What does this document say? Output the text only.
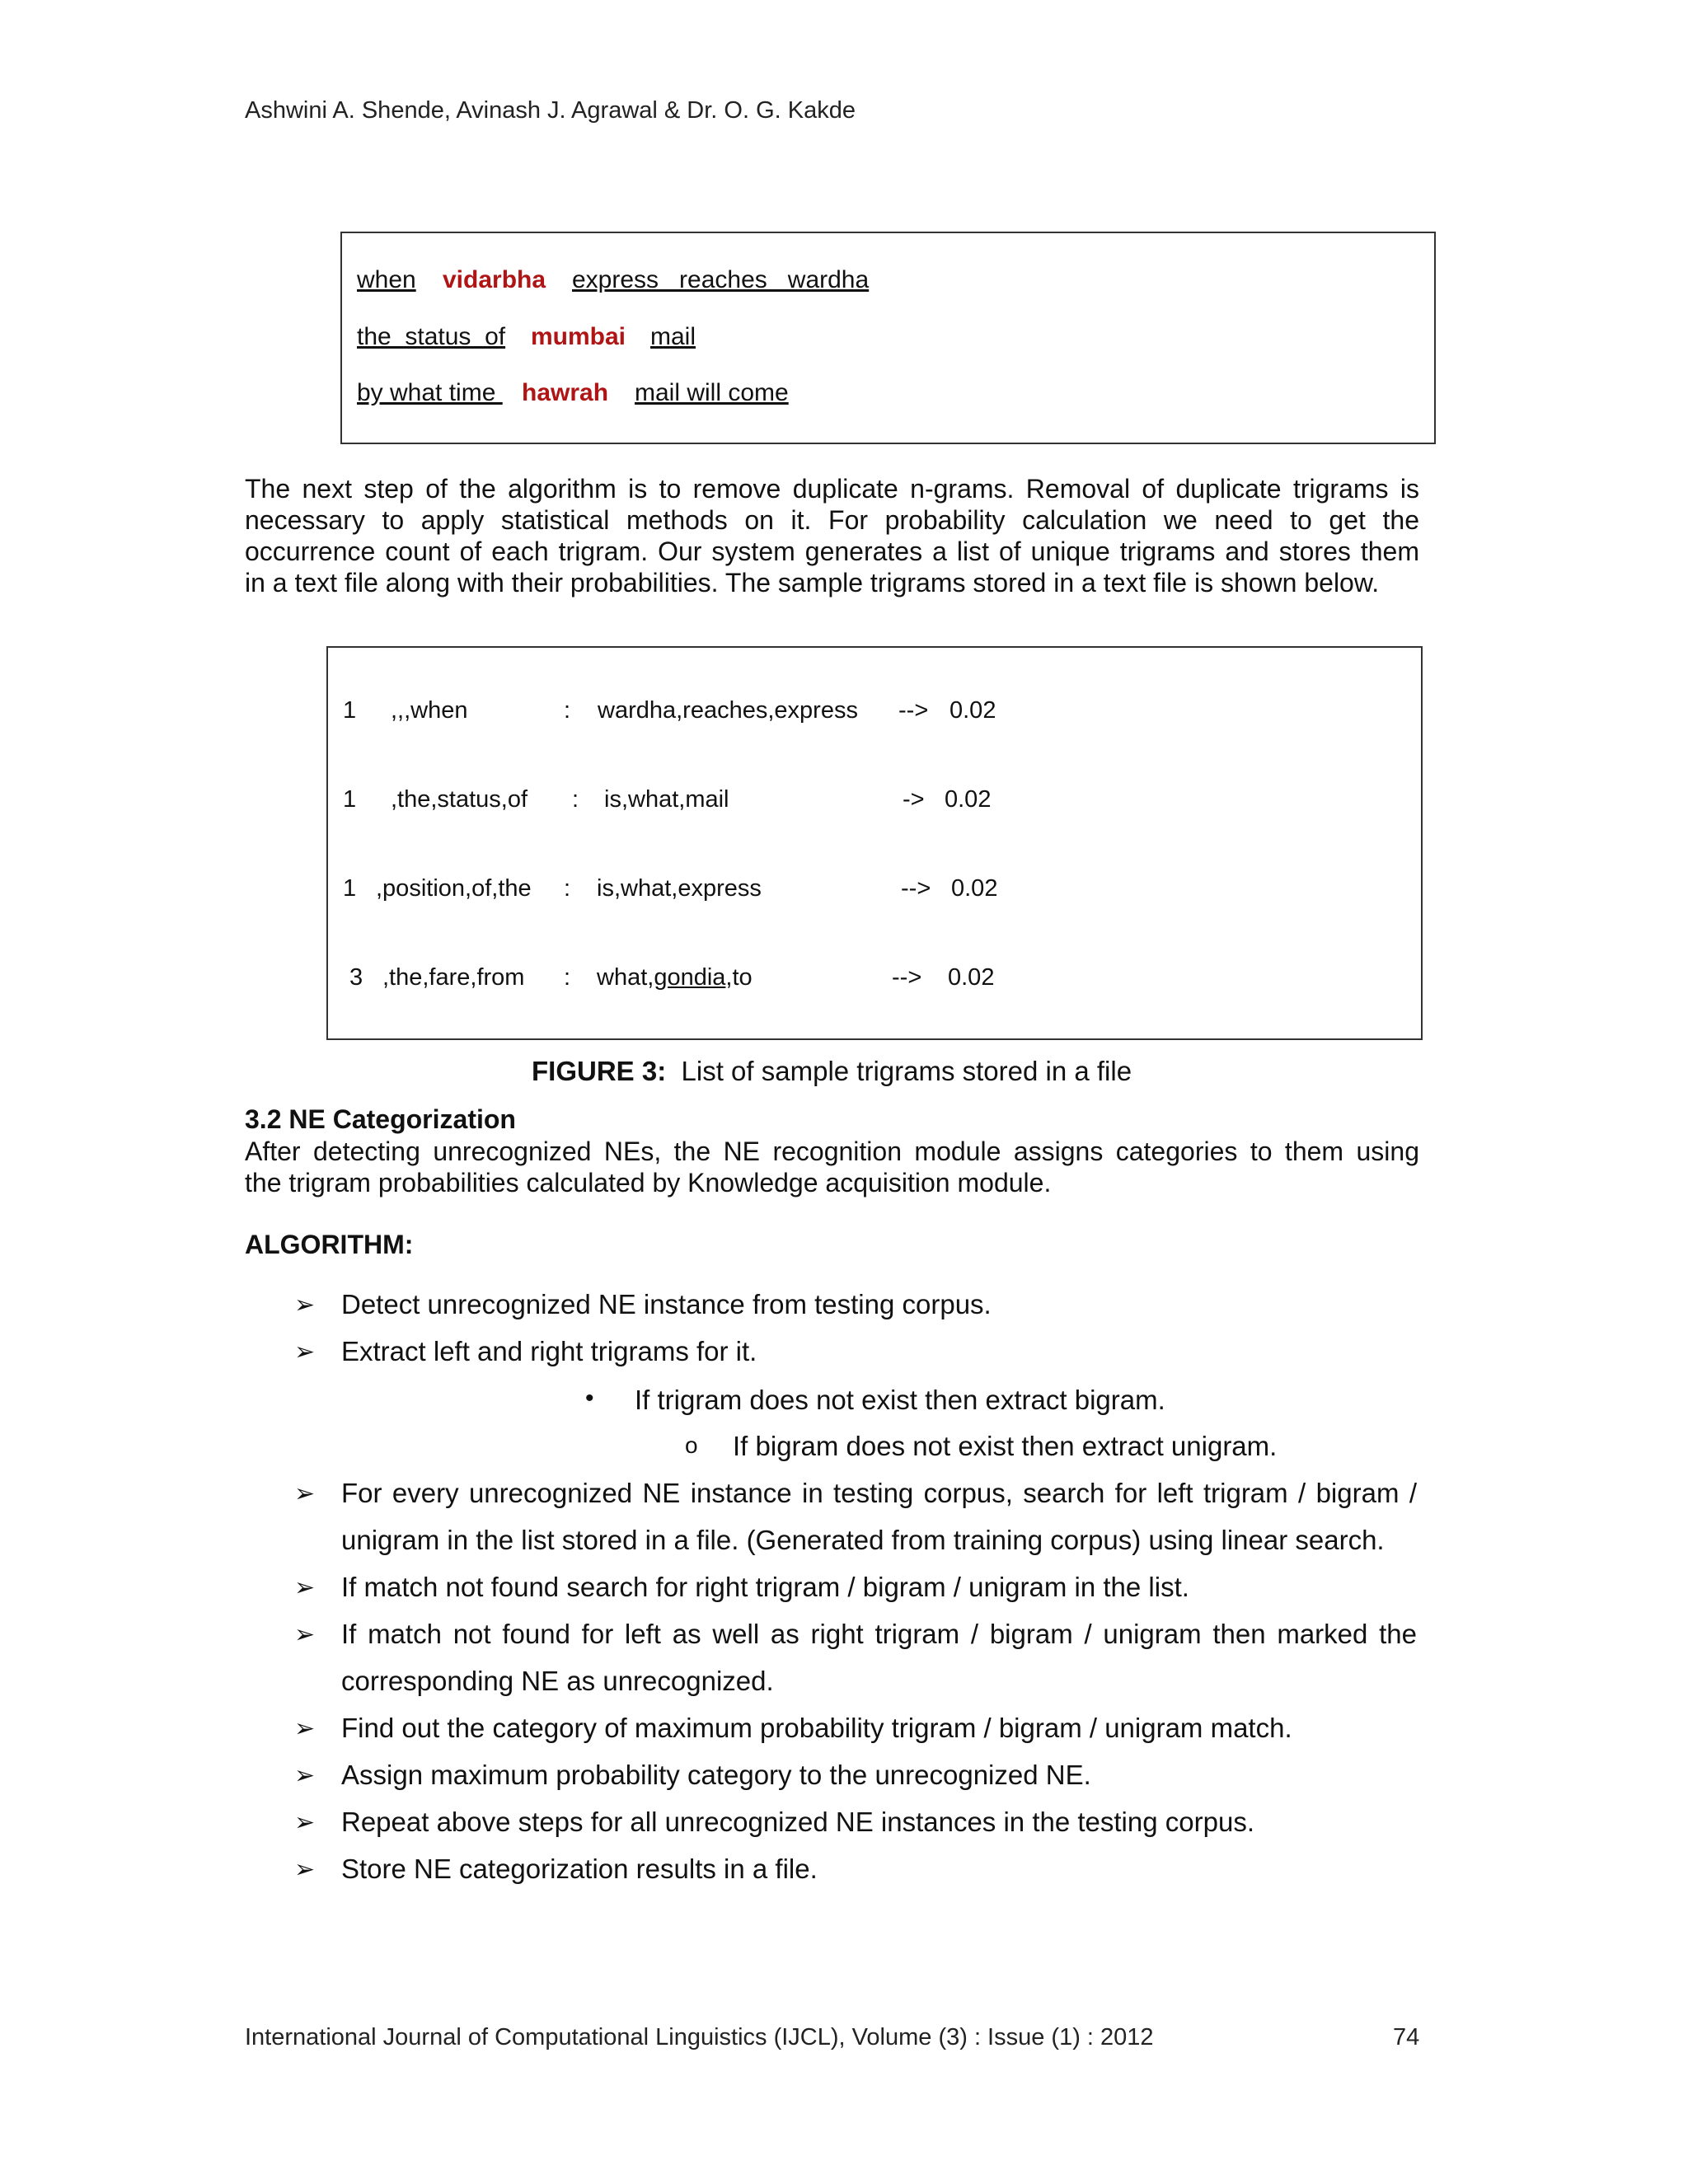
Ashwini A. Shende, Avinash J. Agrawal & Dr. O. G. Kakde
when vidarbha express   reaches   wardha
the  status  of mumbai mail
by what time hawrah mail will come
The next step of the algorithm is to remove duplicate n-grams. Removal of duplicate trigrams is
necessary to apply statistical methods on it. For probability calculation we need to get the
occurrence count of each trigram. Our system generates a list of unique trigrams and stores them
in a text file along with their probabilities. The sample trigrams stored in a text file is shown below.
1 ,,,when	: wardha,reaches,express --> 0.02
1 ,the,status,of : is,what,mail	-> 0.02
1 ,position,of,the : is,what,express	--> 0.02
3 ,the,fare,from : what,gondia,to	--> 0.02
FIGURE 3: List of sample trigrams stored in a file
3.2 NE Categorization
After detecting unrecognized NEs, the NE recognition module assigns categories to them using
the trigram probabilities calculated by Knowledge acquisition module.
ALGORITHM:
➢ Detect unrecognized NE instance from testing corpus.
➢ Extract left and right trigrams for it.
• If trigram does not exist then extract bigram.
o If bigram does not exist then extract unigram.
➢ For every unrecognized NE instance in testing corpus, search for left trigram / bigram /
unigram in the list stored in a file. (Generated from training corpus) using linear search.
➢ If match not found search for right trigram / bigram / unigram in the list.
➢ If match not found for left as well as right trigram / bigram / unigram then marked the
corresponding NE as unrecognized.
➢ Find out the category of maximum probability trigram / bigram / unigram match.
➢ Assign maximum probability category to the unrecognized NE.
➢ Repeat above steps for all unrecognized NE instances in the testing corpus.
➢ Store NE categorization results in a file.
International Journal of Computational Linguistics (IJCL), Volume (3) : Issue (1) : 2012	74
